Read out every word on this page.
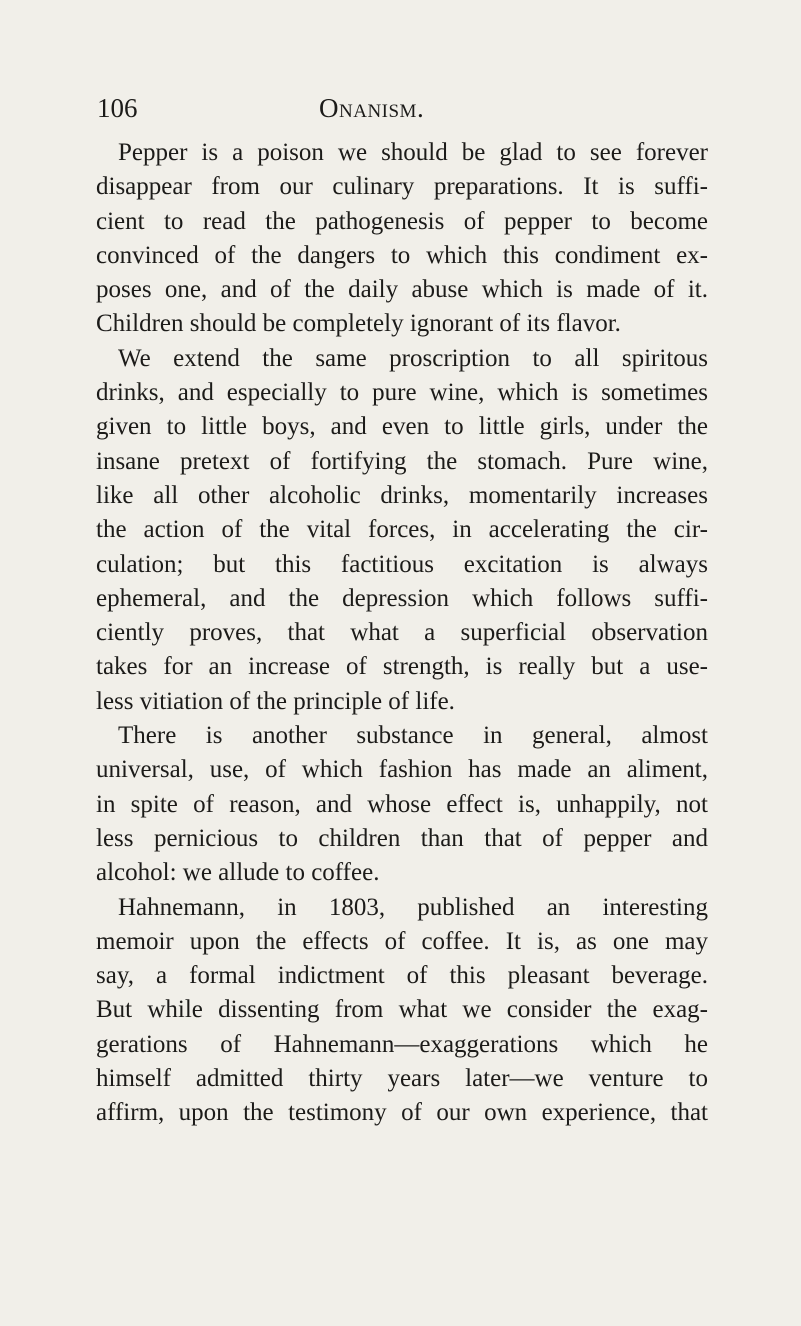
106	Onanism.
Pepper is a poison we should be glad to see forever
disappear from our culinary preparations. It is suffi-
cient to read the pathogenesis of pepper to become
convinced of the dangers to which this condiment ex-
poses one, and of the daily abuse which is made of it.
Children should be completely ignorant of its flavor.
We extend the same proscription to all spiritous
drinks, and especially to pure wine, which is sometimes
given to little boys, and even to little girls, under the
insane pretext of fortifying the stomach. Pure wine,
like all other alcoholic drinks, momentarily increases
the action of the vital forces, in accelerating the cir-
culation; but this factitious excitation is always
ephemeral, and the depression which follows suffi-
ciently proves, that what a superficial observation
takes for an increase of strength, is really but a use-
less vitiation of the principle of life.
There is another substance in general, almost
universal, use, of which fashion has made an aliment,
in spite of reason, and whose effect is, unhappily, not
less pernicious to children than that of pepper and
alcohol: we allude to coffee.
Hahnemann, in 1803, published an interesting
memoir upon the effects of coffee. It is, as one may
say, a formal indictment of this pleasant beverage.
But while dissenting from what we consider the exag-
gerations of Hahnemann—exaggerations which he
himself admitted thirty years later—we venture to
affirm, upon the testimony of our own experience, that
